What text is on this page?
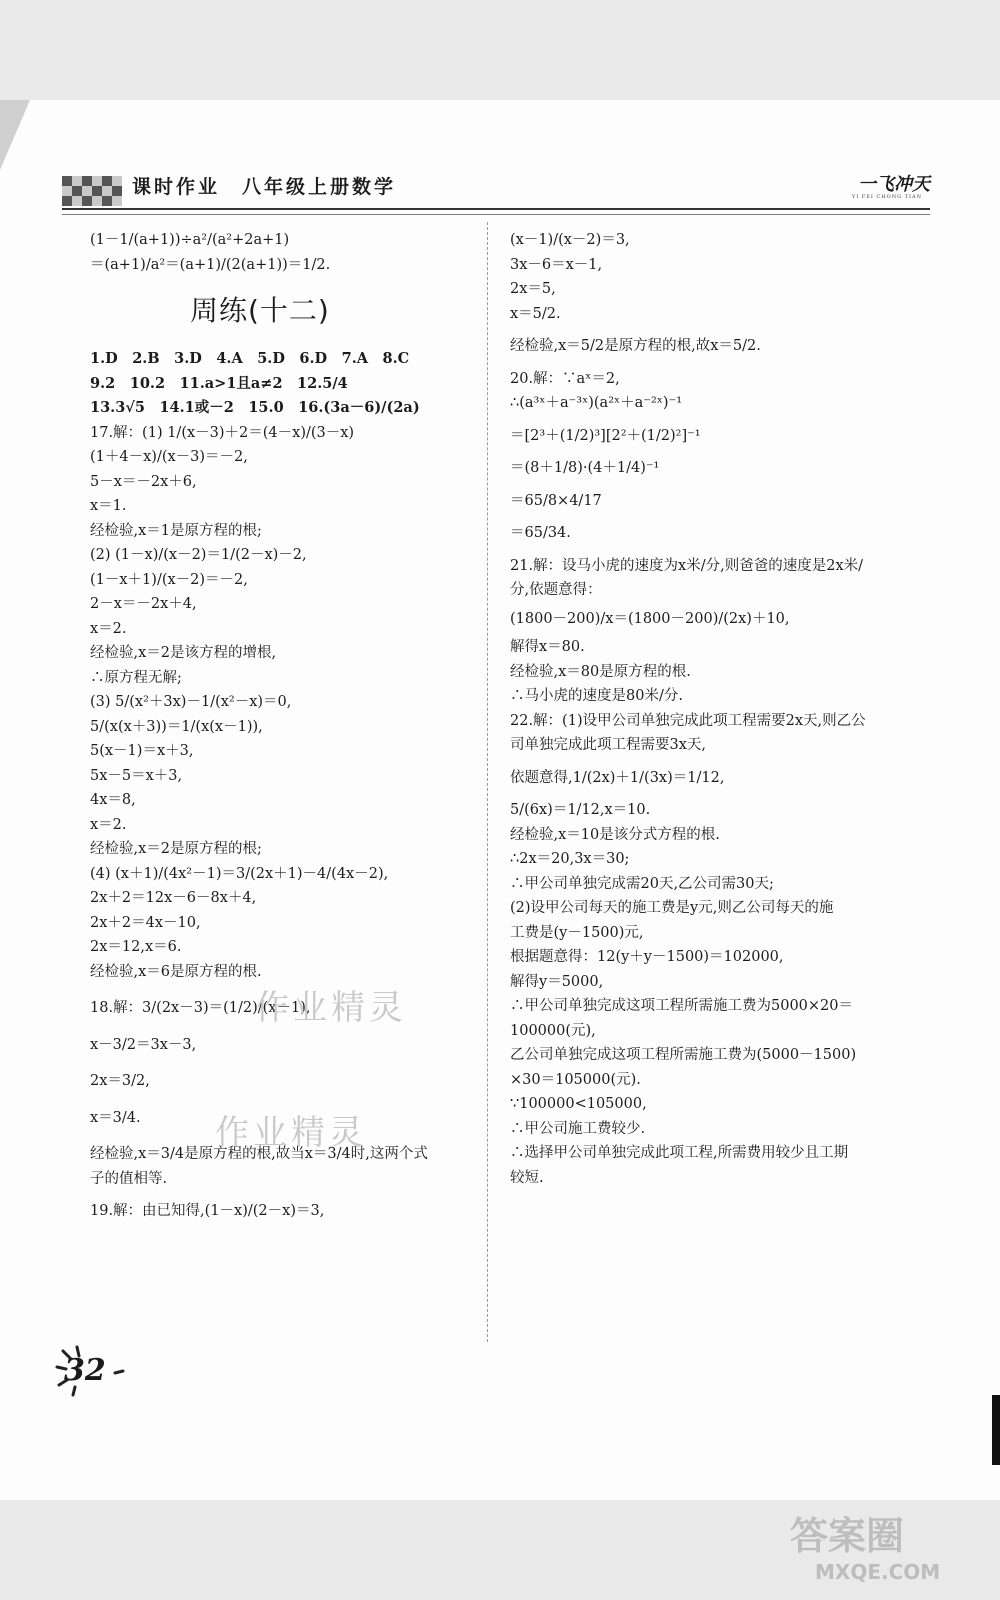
课时作业　八年级上册数学	一飞冲天
YI FEI CHONG TIAN
(1－1/(a+1))÷a²/(a²+2a+1)
＝(a+1)/a²＝(a+1)/(2(a+1))＝1/2.
周练(十二)
1.D　2.B　3.D　4.A　5.D　6.D　7.A　8.C
9.2　10.2　11.a>1且a≠2　12.5/4
13.3√5　14.1或－2　15.0　16.(3a－6)/(2a)
17.解：(1) 1/(x－3)＋2＝(4－x)/(3－x)
(1＋4－x)/(x－3)＝－2,
5－x＝－2x＋6,
x＝1.
经检验,x＝1是原方程的根;
(2) (1－x)/(x－2)＝1/(2－x)－2,
(1－x＋1)/(x－2)＝－2,
2－x＝－2x＋4,
x＝2.
经检验,x＝2是该方程的增根,
∴原方程无解;
(3) 5/(x²＋3x)－1/(x²－x)＝0,
5/(x(x＋3))＝1/(x(x－1)),
5(x－1)＝x＋3,
5x－5＝x＋3,
4x＝8,
x＝2.
经检验,x＝2是原方程的根;
(4) (x＋1)/(4x²－1)＝3/(2x＋1)－4/(4x－2),
2x＋2＝12x－6－8x＋4,
2x＋2＝4x－10,
2x＝12,x＝6.
经检验,x＝6是原方程的根.
18.解：3/(2x－3)＝(1/2)/(x－1),
x－3/2＝3x－3,
2x＝3/2,
x＝3/4.
经检验,x＝3/4是原方程的根,故当x＝3/4时,这两个式
子的值相等.
19.解：由已知得,(1－x)/(2－x)＝3,
(x－1)/(x－2)＝3,
3x－6＝x－1,
2x＝5,
x＝5/2.
经检验,x＝5/2是原方程的根,故x＝5/2.
20.解：∵aˣ＝2,
∴(a³ˣ＋a⁻³ˣ)(a²ˣ＋a⁻²ˣ)⁻¹
＝[2³＋(1/2)³][2²＋(1/2)²]⁻¹
＝(8＋1/8)·(4＋1/4)⁻¹
＝65/8×4/17
＝65/34.
21.解：设马小虎的速度为x米/分,则爸爸的速度是2x米/
分,依题意得：
(1800－200)/x＝(1800－200)/(2x)＋10,
解得x＝80.
经检验,x＝80是原方程的根.
∴马小虎的速度是80米/分.
22.解：(1)设甲公司单独完成此项工程需要2x天,则乙公
司单独完成此项工程需要3x天,
依题意得,1/(2x)＋1/(3x)＝1/12,
5/(6x)＝1/12,x＝10.
经检验,x＝10是该分式方程的根.
∴2x＝20,3x＝30;
∴甲公司单独完成需20天,乙公司需30天;
(2)设甲公司每天的施工费是y元,则乙公司每天的施
工费是(y－1500)元,
根据题意得：12(y＋y－1500)＝102000,
解得y＝5000,
∴甲公司单独完成这项工程所需施工费为5000×20＝
100000(元),
乙公司单独完成这项工程所需施工费为(5000－1500)
×30＝105000(元).
∵100000<105000,
∴甲公司施工费较少.
∴选择甲公司单独完成此项工程,所需费用较少且工期
较短.
作业精灵
作业精灵
32
答案圈
MXQE.COM
